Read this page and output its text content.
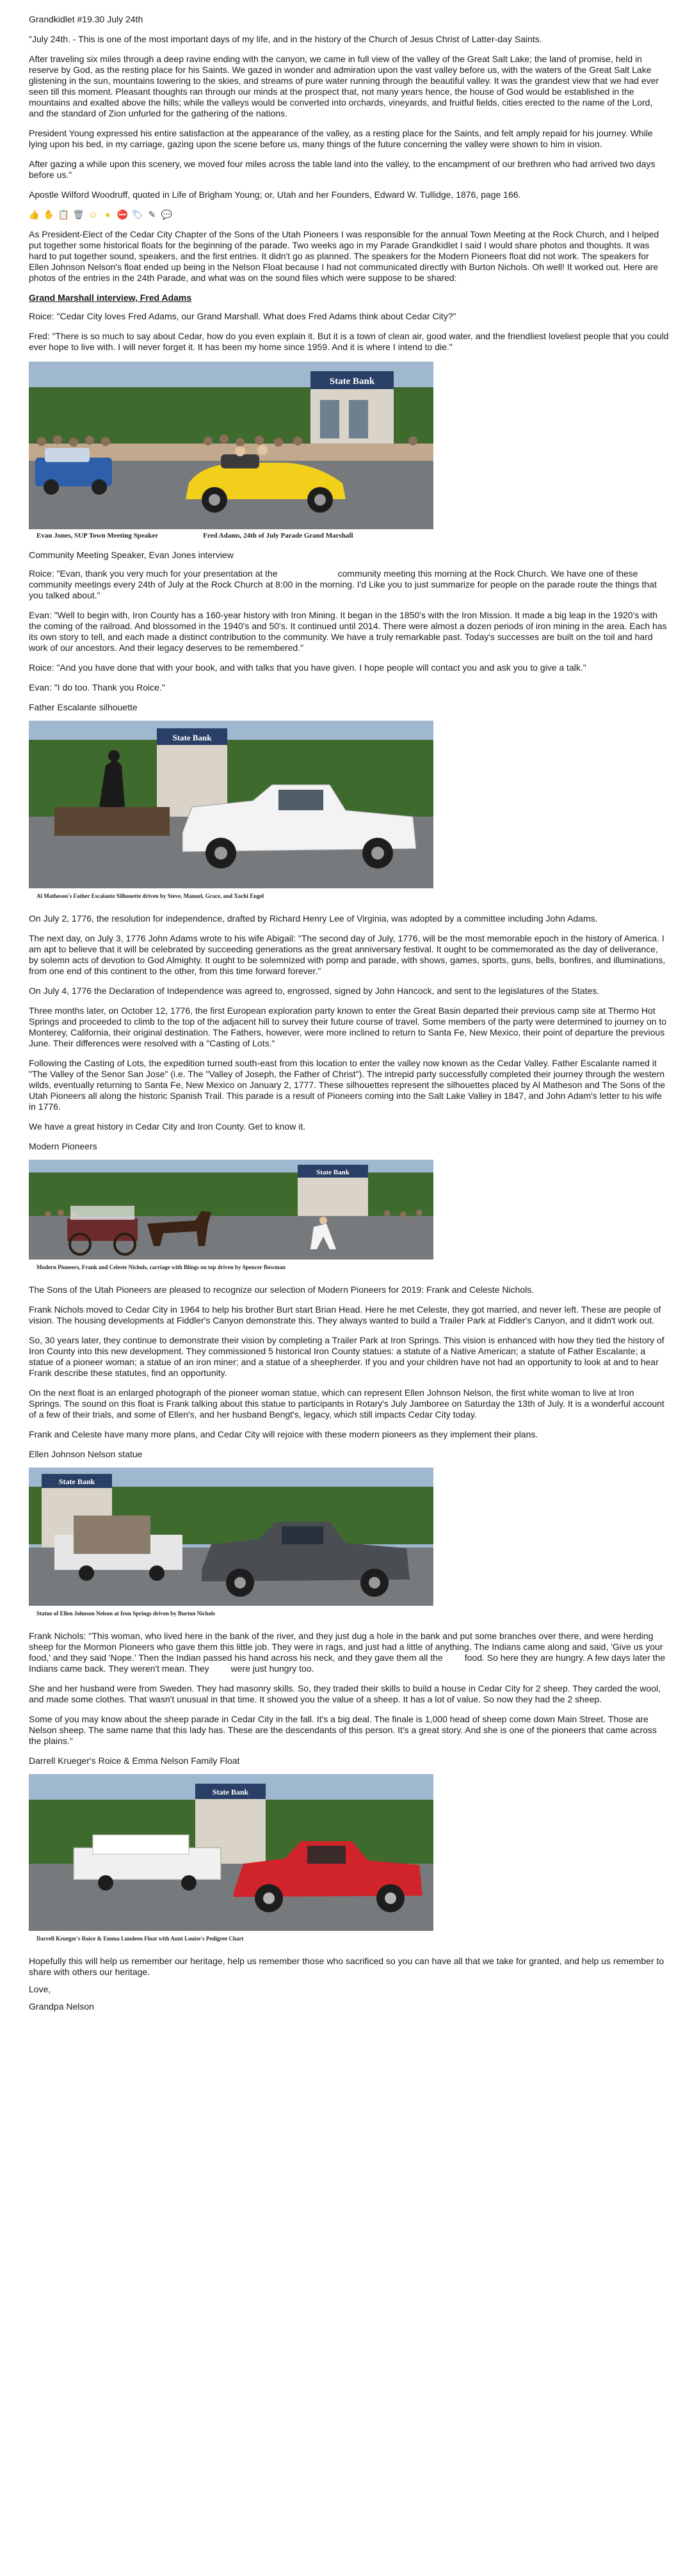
Grandkidlet #19.30 July 24th

"July 24th. - This is one of the most important days of my life, and in the history of the Church of Jesus Christ of Latter-day Saints.

After traveling six miles through a deep ravine ending with the canyon, we came in full view of the valley of the Great Salt Lake; the land of promise, held in reserve by God, as the resting place for his Saints. We gazed in wonder and admiration upon the vast valley before us, with the waters of the Great Salt Lake glistening in the sun, mountains towering to the skies, and streams of pure water running through the beautiful valley. It was the grandest view that we had ever seen till this moment. Pleasant thoughts ran through our minds at the prospect that, not many years hence, the house of God would be established in the mountains and exalted above the hills; while the valleys would be converted into orchards, vineyards, and fruitful fields, cities erected to the name of the Lord, and the standard of Zion unfurled for the gathering of the nations.

President Young expressed his entire satisfaction at the appearance of the valley, as a resting place for the Saints, and felt amply repaid for his journey. While lying upon his bed, in my carriage, gazing upon the scene before us, many things of the future concerning the valley were shown to him in vision.

After gazing a while upon this scenery, we moved four miles across the table land into the valley, to the encampment of our brethren who had arrived two days before us."

Apostle Wilford Woodruff, quoted in Life of Brigham Young; or, Utah and her Founders, Edward W. Tullidge, 1876, page 166.

👍 ✋ 📋 🗑 ☺ ● ⛔ 🏷 ✎ 💬

As President-Elect of the Cedar City Chapter of the Sons of the Utah Pioneers I was responsible for the annual Town Meeting at the Rock Church, and I helped put together some historical floats for the beginning of the parade. Two weeks ago in my Parade Grandkidlet I said I would share photos and thoughts. It was hard to put together sound, speakers, and the first entries. It didn't go as planned. The speakers for the Modern Pioneers float did not work. The speakers for Ellen Johnson Nelson's float ended up being in the Nelson Float because I had not communicated directly with Burton Nichols. Oh well! It worked out. Here are photos of the entries in the 24th Parade, and what was on the sound files which were suppose to be shared:

Grand Marshall interview, Fred Adams

Roice: "Cedar City loves Fred Adams, our Grand Marshall. What does Fred Adams think about Cedar City?"

Fred: "There is so much to say about Cedar, how do you even explain it. But it is a town of clean air, good water, and the friendliest loveliest people that you could ever hope to live with. I will never forget it. It has been my home since 1959. And it is where I intend to die."

State Bank
Evan Jones, SUP Town Meeting Speaker	Fred Adams, 24th of July Parade Grand Marshall

Community Meeting Speaker, Evan Jones interview

Roice: "Evan, thank you very much for your presentation at the	community meeting this morning at the Rock Church. We have one of these community meetings every 24th of July at the Rock Church at 8:00 in the morning. I'd Like you to just summarize for people on the parade route the things that you talked about."

Evan: "Well to begin with, Iron County has a 160-year history with Iron Mining. It began in the 1850's with the Iron Mission. It made a big leap in the 1920's with the coming of the railroad. And blossomed in the 1940's and 50's. It continued until 2014. There were almost a dozen periods of iron mining in the area. Each has its own story to tell, and each made a distinct contribution to the community. We have a truly remarkable past. Today's successes are built on the toil and hard work of our ancestors. And their legacy deserves to be remembered."

Roice: "And you have done that with your book, and with talks that you have given. I hope people will contact you and ask you to give a talk."

Evan: "I do too. Thank you Roice."

Father Escalante silhouette

State Bank

Al Matheson's Father Escalante Silhouette driven by Steve, Manuel, Grace, and Xochi Engel

On July 2, 1776, the resolution for independence, drafted by Richard Henry Lee of Virginia, was adopted by a committee including John Adams.

The next day, on July 3, 1776 John Adams wrote to his wife Abigail: "The second day of July, 1776, will be the most memorable epoch in the history of America. I am apt to believe that it will be celebrated by succeeding generations as the great anniversary festival. It ought to be commemorated as the day of deliverance, by solemn acts of devotion to God Almighty. It ought to be solemnized with pomp and parade, with shows, games, sports, guns, bells, bonfires, and illuminations, from one end of this continent to the other, from this time forward forever."

On July 4, 1776 the Declaration of Independence was agreed to, engrossed, signed by John Hancock, and sent to the legislatures of the States.

Three months later, on October 12, 1776, the first European exploration party known to enter the Great Basin departed their previous camp site at Thermo Hot Springs and proceeded to climb to the top of the adjacent hill to survey their future course of travel. Some members of the party were determined to journey on to Monterey, California, their original destination. The Fathers, however, were more inclined to return to Santa Fe, New Mexico, their point of departure the previous June. Their differences were resolved with a "Casting of Lots."

Following the Casting of Lots, the expedition turned south-east from this location to enter the valley now known as the Cedar Valley. Father Escalante named it "The Valley of the Senor San Jose" (i.e. The "Valley of Joseph, the Father of Christ"). The intrepid party successfully completed their journey through the western wilds, eventually returning to Santa Fe, New Mexico on January 2, 1777. These silhouettes represent the silhouettes placed by Al Matheson and The Sons of the Utah Pioneers all along the historic Spanish Trail. This parade is a result of Pioneers coming into the Salt Lake Valley in 1847, and John Adam's letter to his wife in 1776.

We have a great history in Cedar City and Iron County. Get to know it.

Modern Pioneers

State Bank

Modern Pioneers, Frank and Celeste Nichols, carriage with Blings on top driven by Spencer Bowman

The Sons of the Utah Pioneers are pleased to recognize our selection of Modern Pioneers for 2019: Frank and Celeste Nichols.

Frank Nichols moved to Cedar City in 1964 to help his brother Burt start Brian Head. Here he met Celeste, they got married, and never left. These are people of vision. The housing developments at Fiddler's Canyon demonstrate this. They always wanted to build a Trailer Park at Fiddler's Canyon, and it didn't work out.

So, 30 years later, they continue to demonstrate their vision by completing a Trailer Park at Iron Springs. This vision is enhanced with how they tied the history of Iron County into this new development. They commissioned 5 historical Iron County statues: a statute of a Native American; a statute of Father Escalante; a statue of a pioneer woman; a statue of an iron miner; and a statue of a sheepherder. If you and your children have not had an opportunity to look at and to hear Frank describe these statutes, find an opportunity.

On the next float is an enlarged photograph of the pioneer woman statue, which can represent Ellen Johnson Nelson, the first white woman to live at Iron Springs. The sound on this float is Frank talking about this statue to participants in Rotary's July Jamboree on Saturday the 13th of July. It is a wonderful account of a few of their trials, and some of Ellen's, and her husband Bengt's, legacy, which still impacts Cedar City today.

Frank and Celeste have many more plans, and Cedar City will rejoice with these modern pioneers as they implement their plans.

Ellen Johnson Nelson statue

State Bank

Statue of Ellen Johnson Nelson at Iron Springs driven by Burton Nichols

Frank Nichols: "This woman, who lived here in the bank of the river, and they just dug a hole in the bank and put some branches over there, and were herding sheep for the Mormon Pioneers who gave them this little job. They were in rags, and just had a little of anything. The Indians came along and said, 'Give us your food,' and they said 'Nope.' Then the Indian passed his hand across his neck, and they gave them all the food. So here they are hungry. A few days later the Indians came back. They weren't mean. They were just hungry too.

She and her husband were from Sweden. They had masonry skills. So, they traded their skills to build a house in Cedar City for 2 sheep. They carded the wool, and made some clothes. That wasn't unusual in that time. It showed you the value of a sheep. It has a lot of value. So now they had the 2 sheep.

Some of you may know about the sheep parade in Cedar City in the fall. It's a big deal. The finale is 1,000 head of sheep come down Main Street. Those are Nelson sheep. The same name that this lady has. These are the descendants of this person. It's a great story. And she is one of the pioneers that came across the plains."

Darrell Krueger's Roice & Emma Nelson Family Float

State Bank

Darrell Krueger's Roice & Emma Lundeen Float with Aunt Louise's Pedigree Chart

Hopefully this will help us remember our heritage, help us remember those who sacrificed so you can have all that we take for granted, and help us remember to share with others our heritage.

Love,

Grandpa Nelson
